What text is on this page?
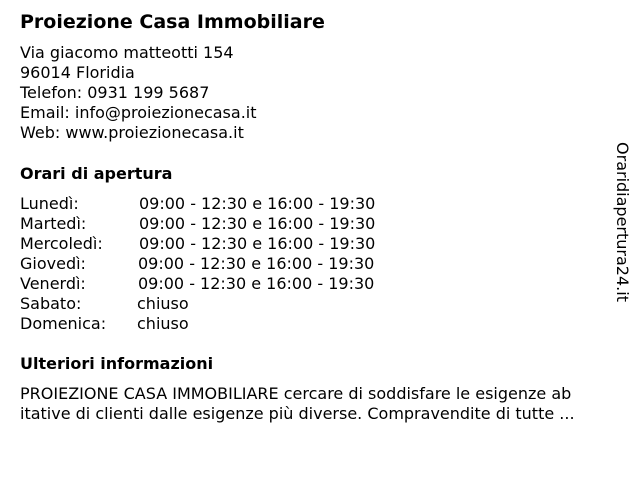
Proiezione Casa Immobiliare
Via giacomo matteotti 154
96014 Floridia
Telefon: 0931 199 5687
Email: info@proiezionecasa.it
Web: www.proiezionecasa.it
Orari di apertura
Lunedì:	09:00 - 12:30 e 16:00 - 19:30
Martedì:	09:00 - 12:30 e 16:00 - 19:30
Mercoledì: 09:00 - 12:30 e 16:00 - 19:30
Giovedì:	09:00 - 12:30 e 16:00 - 19:30
Venerdì:	09:00 - 12:30 e 16:00 - 19:30
Sabato:	chiuso
Domenica: chiuso
Ulteriori informazioni
PROIEZIONE CASA IMMOBILIARE cercare di soddisfare le esigenze ab
itative di clienti dalle esigenze più diverse. Compravendite di tutte ...
Oraridiapertura24.it
